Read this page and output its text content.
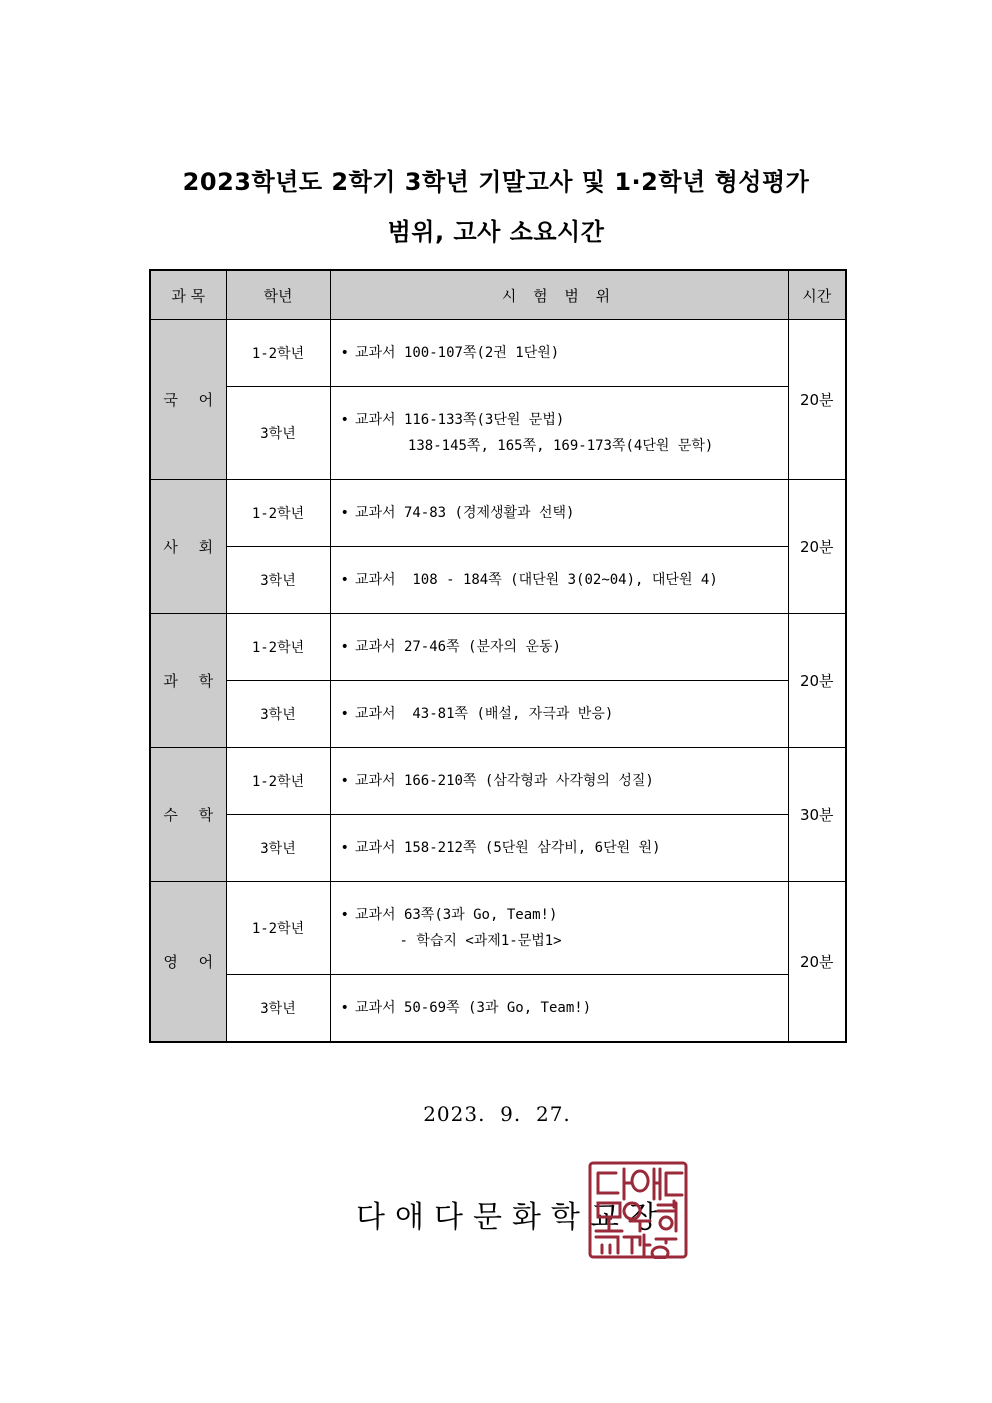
2023학년도 2학기 3학년 기말고사 및 1·2학년 형성평가
범위, 고사 소요시간
과 목	학년	시 험 범 위	시간
국 어	1-2학년	• 교과서 100-107쪽(2권 1단원)	20분
	3학년	• 교과서 116-133쪽(3단원 문법)
138-145쪽, 165쪽, 169-173쪽(4단원 문학)	

사 회	1-2학년	• 교과서 74-83 (경제생활과 선택)	20분
	3학년	• 교과서  108 - 184쪽 (대단원 3(02~04), 대단원 4)	

과 학	1-2학년	• 교과서 27-46쪽 (분자의 운동)	20분
	3학년	• 교과서  43-81쪽 (배설, 자극과 반응)	

수 학	1-2학년	• 교과서 166-210쪽 (삼각형과 사각형의 성질)	30분
	3학년	• 교과서 158-212쪽 (5단원 삼각비, 6단원 원)	

영 어	1-2학년	• 교과서 63쪽(3과 Go, Team!)
- 학습지 <과제1-문법1>	20분
	3학년	• 교과서 50-69쪽 (3과 Go, Team!)	
2023.  9.  27.
다애다문화학교장
